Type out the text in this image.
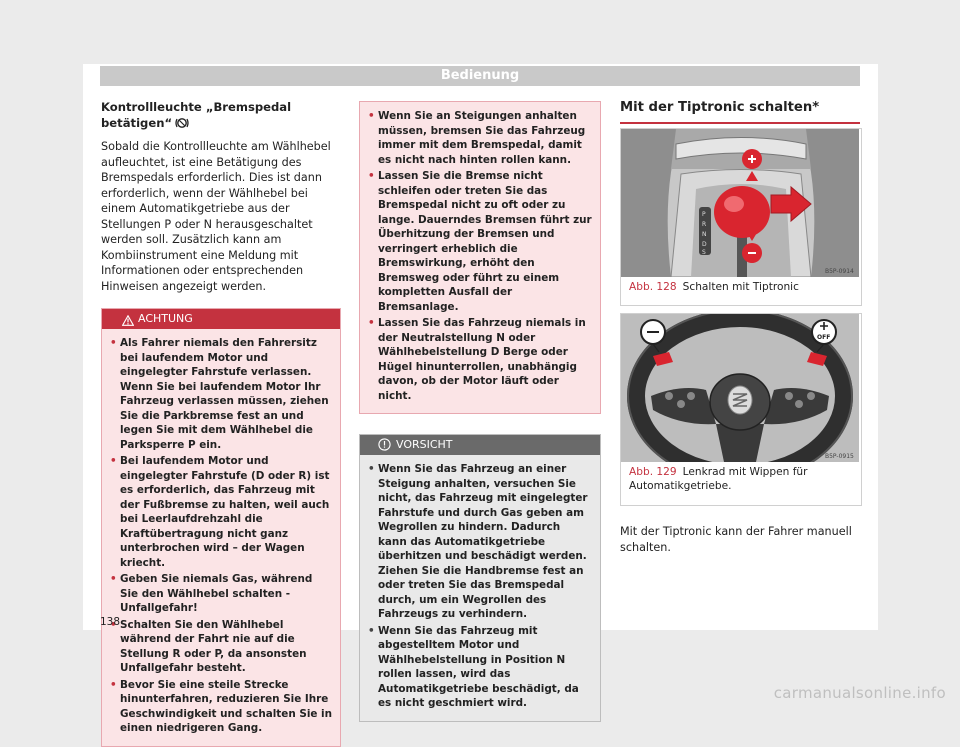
Bedienung
Kontrollleuchte „Bremspedal betätigen“

Sobald die Kontrollleuchte am Wählhebel aufleuchtet, ist eine Betätigung des Bremspedals erforderlich. Dies ist dann erforderlich, wenn der Wählhebel bei einem Automatikgetriebe aus der Stellungen P oder N herausgeschaltet werden soll. Zusätzlich kann am Kombiinstrument eine Meldung mit Informationen oder entsprechenden Hinweisen angezeigt werden.

ACHTUNG
• Als Fahrer niemals den Fahrersitz bei laufendem Motor und eingelegter Fahrstufe verlassen. Wenn Sie bei laufendem Motor Ihr Fahrzeug verlassen müssen, ziehen Sie die Parkbremse fest an und legen Sie mit dem Wählhebel die Parksperre P ein.
• Bei laufendem Motor und eingelegter Fahrstufe (D oder R) ist es erforderlich, das Fahrzeug mit der Fußbremse zu halten, weil auch bei Leerlaufdrehzahl die Kraftübertragung nicht ganz unterbrochen wird – der Wagen kriecht.
• Geben Sie niemals Gas, während Sie den Wählhebel schalten - Unfallgefahr!
• Schalten Sie den Wählhebel während der Fahrt nie auf die Stellung R oder P, da ansonsten Unfallgefahr besteht.
• Bevor Sie eine steile Strecke hinunterfahren, reduzieren Sie Ihre Geschwindigkeit und schalten Sie in einen niedrigeren Gang.
• Wenn Sie an Steigungen anhalten müssen, bremsen Sie das Fahrzeug immer mit dem Bremspedal, damit es nicht nach hinten rollen kann.
• Lassen Sie die Bremse nicht schleifen oder treten Sie das Bremspedal nicht zu oft oder zu lange. Dauerndes Bremsen führt zur Überhitzung der Bremsen und verringert erheblich die Bremswirkung, erhöht den Bremsweg oder führt zu einem kompletten Ausfall der Bremsanlage.
• Lassen Sie das Fahrzeug niemals in der Neutralstellung N oder Wählhebelstellung D Berge oder Hügel hinunterrollen, unabhängig davon, ob der Motor läuft oder nicht.
VORSICHT
• Wenn Sie das Fahrzeug an einer Steigung anhalten, versuchen Sie nicht, das Fahrzeug mit eingelegter Fahrstufe und durch Gas geben am Wegrollen zu hindern. Dadurch kann das Automatikgetriebe überhitzen und beschädigt werden. Ziehen Sie die Handbremse fest an oder treten Sie das Bremspedal durch, um ein Wegrollen des Fahrzeugs zu verhindern.
• Wenn Sie das Fahrzeug mit abgestelltem Motor und Wählhebelstellung in Position N rollen lassen, wird das Automatikgetriebe beschädigt, da es nicht geschmiert wird.
Mit der Tiptronic schalten*
P
R
N
D
S
B5P-0914
Abb. 128 Schalten mit Tiptronic
OFF
B5P-0915
Abb. 129 Lenkrad mit Wippen für Automatikgetriebe.

Mit der Tiptronic kann der Fahrer manuell schalten.

138
carmanualsonline.info
